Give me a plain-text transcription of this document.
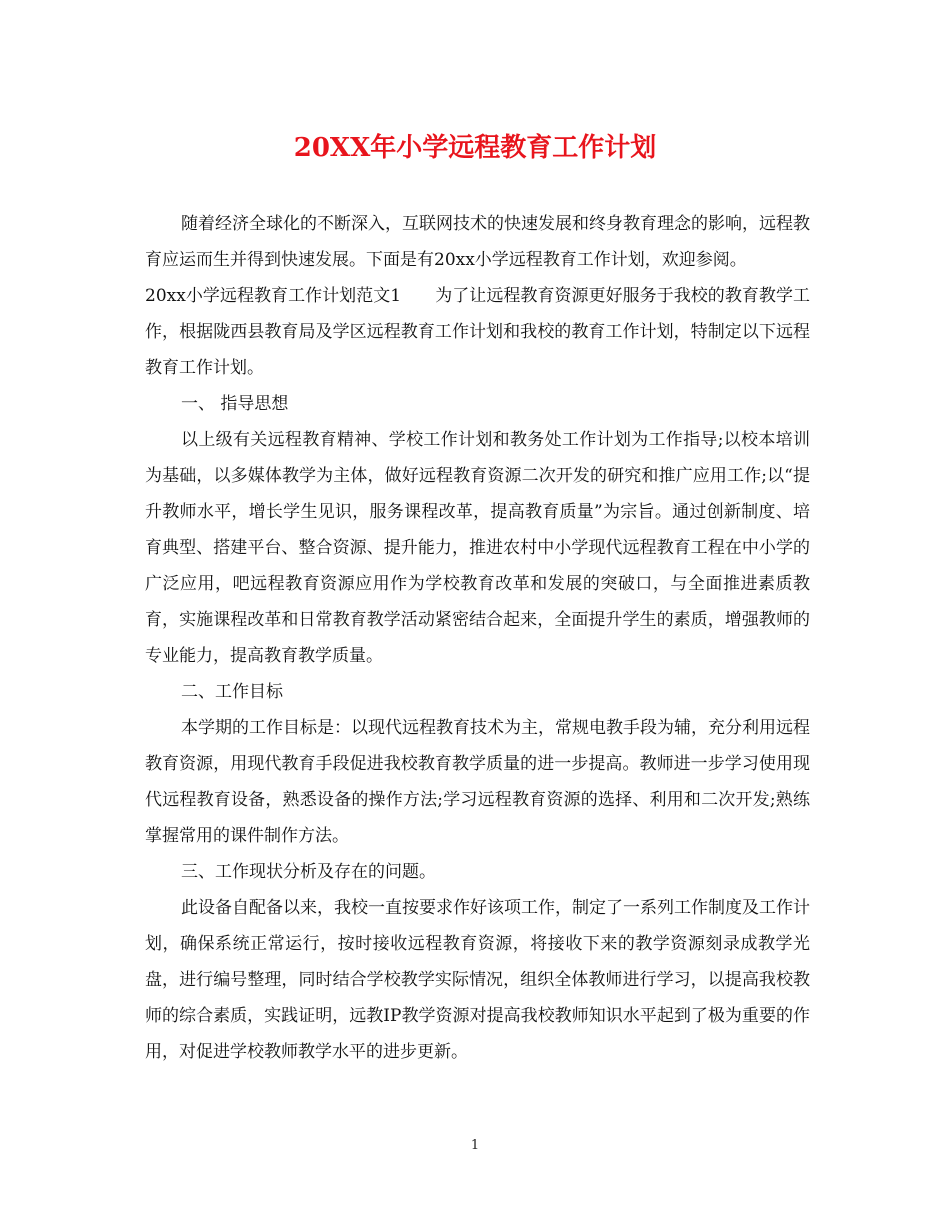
20XX年小学远程教育工作计划

随着经济全球化的不断深入，互联网技术的快速发展和终身教育理念的影响，远程教育应运而生并得到快速发展。下面是有20xx小学远程教育工作计划，欢迎参阅。

20xx小学远程教育工作计划范文1　　为了让远程教育资源更好服务于我校的教育教学工作，根据陇西县教育局及学区远程教育工作计划和我校的教育工作计划，特制定以下远程教育工作计划。

一、 指导思想

以上级有关远程教育精神、学校工作计划和教务处工作计划为工作指导;以校本培训为基础，以多媒体教学为主体，做好远程教育资源二次开发的研究和推广应用工作;以“提升教师水平，增长学生见识，服务课程改革，提高教育质量”为宗旨。通过创新制度、培育典型、搭建平台、整合资源、提升能力，推进农村中小学现代远程教育工程在中小学的广泛应用，吧远程教育资源应用作为学校教育改革和发展的突破口，与全面推进素质教育，实施课程改革和日常教育教学活动紧密结合起来，全面提升学生的素质，增强教师的专业能力，提高教育教学质量。

二、工作目标

本学期的工作目标是：以现代远程教育技术为主，常规电教手段为辅，充分利用远程教育资源，用现代教育手段促进我校教育教学质量的进一步提高。教师进一步学习使用现代远程教育设备，熟悉设备的操作方法;学习远程教育资源的选择、利用和二次开发;熟练掌握常用的课件制作方法。

三、工作现状分析及存在的问题。

此设备自配备以来，我校一直按要求作好该项工作，制定了一系列工作制度及工作计划，确保系统正常运行，按时接收远程教育资源，将接收下来的教学资源刻录成教学光盘，进行编号整理，同时结合学校教学实际情况，组织全体教师进行学习，以提高我校教师的综合素质，实践证明，远教IP教学资源对提高我校教师知识水平起到了极为重要的作用，对促进学校教师教学水平的进步更新。

1
